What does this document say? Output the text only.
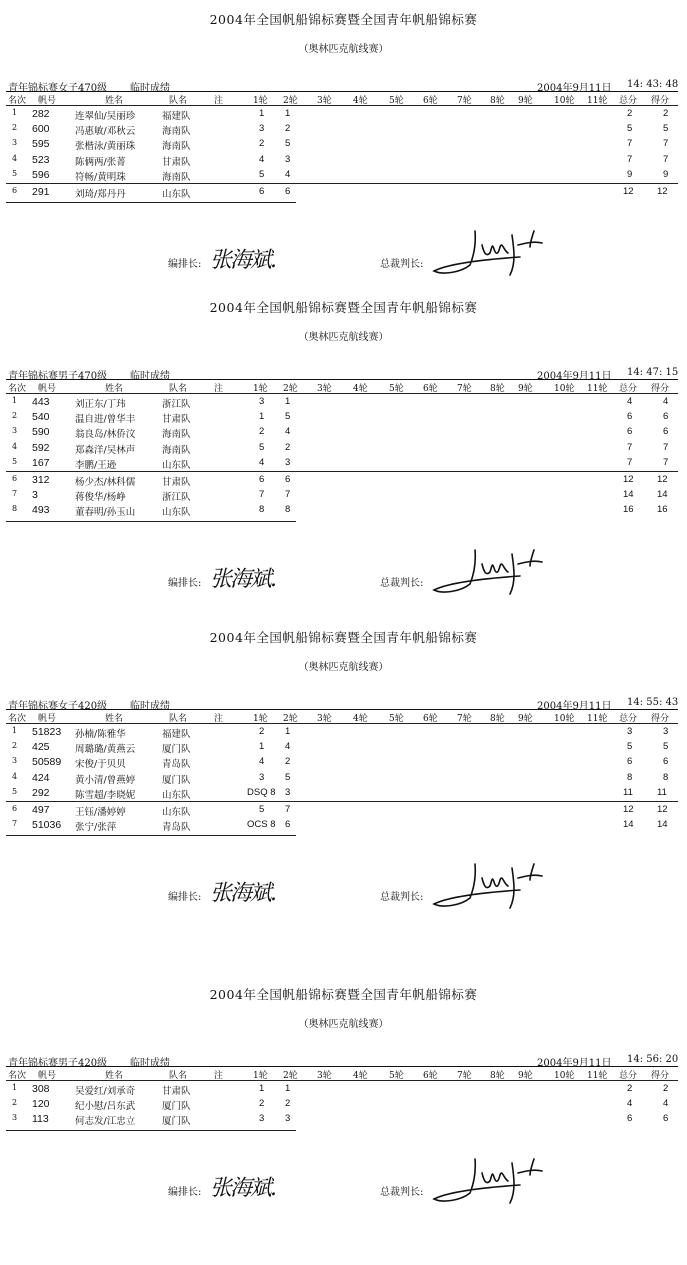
2004年全国帆船锦标赛暨全国青年帆船锦标赛
（奥林匹克航线赛）
青年锦标赛女子470级 临时成绩	2004年9月11日 14: 43: 48
名次 帆号	姓名	队名	注	1轮 2轮 3轮 4轮 5轮 6轮 7轮 8轮 9轮 10轮 11轮 总分 得分
1 282	连翠仙/吴丽珍	福建队	1 1	2	2
2 600	冯惠敏/邓秋云	海南队	3 2	5	5
3 595	张楷泳/黄丽珠	海南队	2 5	7	7
4 523	陈俩两/张菁	甘肃队	4 3	7	7
5 596	符畅/黄明珠	海南队	5 4	9	9
6 291	刘琦/郑丹丹	山东队	6 6	12 12
编排长: 张海斌.	总裁判长:
2004年全国帆船锦标赛暨全国青年帆船锦标赛
（奥林匹克航线赛）
青年锦标赛男子470级 临时成绩	2004年9月11日 14: 47: 15
名次 帆号	姓名	队名	注	1轮 2轮 3轮 4轮 5轮 6轮 7轮 8轮 9轮 10轮 11轮 总分 得分
1 443	刘正东/丁玮	浙江队	3 1	4	4
2 540	温自进/曾华丰	甘肃队	1 5	6	6
3 590	翁良岛/林侨汶	海南队	2 4	6	6
4 592	郑森洋/吴林声	海南队	5 2	7	7
5 167	李鹏/王逊	山东队	4 3	7	7
6 312	杨少杰/林科儒	甘肃队	6 6	12 12
7 3	蒋俊华/杨峥	浙江队	7 7	14 14
8 493	董春明/孙玉山	山东队	8 8	16 16
编排长: 张海斌.	总裁判长:
2004年全国帆船锦标赛暨全国青年帆船锦标赛
（奥林匹克航线赛）
青年锦标赛女子420级 临时成绩	2004年9月11日 14: 55: 43
名次 帆号	姓名	队名	注	1轮 2轮 3轮 4轮 5轮 6轮 7轮 8轮 9轮 10轮 11轮 总分 得分
1 51823 孙楠/陈雅华	福建队	2 1	3	3
2 425	周璐璐/黄燕云	厦门队	1 4	5	5
3 50589 宋俊/于贝贝	青岛队	4 2	6	6
4 424	黄小清/曾燕婷	厦门队	3 5	8	8
5 292	陈雪超/李晓妮	山东队	DSQ 8 3	11	11
6 497	王钰/潘婷婷	山东队	5 7	12 12
7 51036 张宁/张萍	青岛队	OCS 8 6	14 14
编排长: 张海斌.	总裁判长:
2004年全国帆船锦标赛暨全国青年帆船锦标赛
（奥林匹克航线赛）
青年锦标赛男子420级 临时成绩	2004年9月11日 14: 56: 20
名次 帆号	姓名	队名	注	1轮 2轮 3轮 4轮 5轮 6轮 7轮 8轮 9轮 10轮 11轮 总分 得分
1 308	吴爱红/刘承奇	甘肃队	1 1	2	2
2 120	纪小慰/吕东武	厦门队	2 2	4	4
3 113	何志发/江忠立	厦门队	3 3	6	6
编排长: 张海斌.	总裁判长:
